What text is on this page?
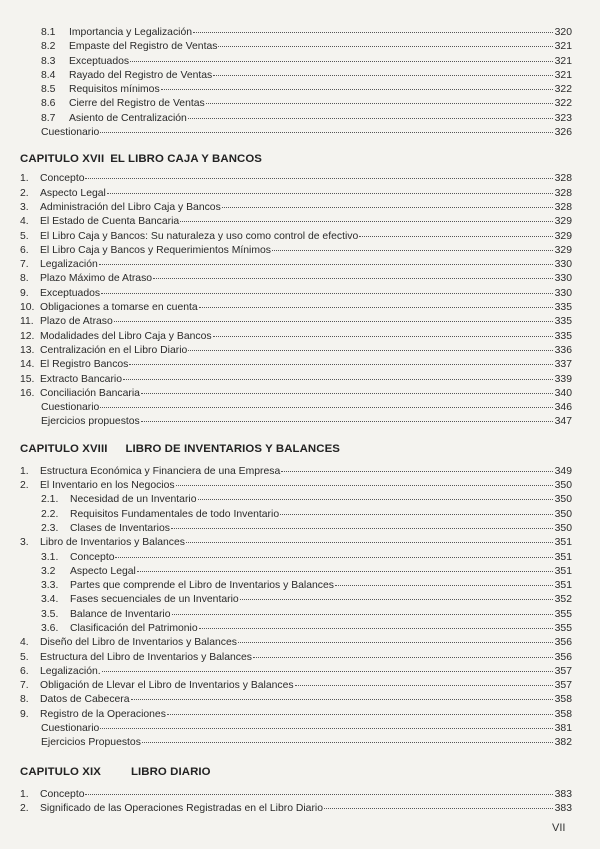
8.1	Importancia y Legalización	320
8.2	Empaste del Registro de Ventas	321
8.3	Exceptuados	321
8.4	Rayado del Registro de Ventas	321
8.5	Requisitos mínimos	322
8.6	Cierre del Registro de Ventas	322
8.7	Asiento de Centralización	323
Cuestionario	326
CAPITULO XVII EL LIBRO CAJA Y BANCOS
1.	Concepto	328
2.	Aspecto Legal	328
3.	Administración del Libro Caja y Bancos	328
4.	El Estado de Cuenta Bancaria	329
5.	El Libro Caja y Bancos: Su naturaleza y uso como control de efectivo	329
6.	El Libro Caja y Bancos y Requerimientos Mínimos	329
7.	Legalización	330
8.	Plazo Máximo de Atraso	330
9.	Exceptuados	330
10. Obligaciones a tomarse en cuenta	335
11. Plazo de Atraso	335
12. Modalidades del Libro Caja y Bancos	335
13. Centralización en el Libro Diario	336
14. El Registro Bancos	337
15. Extracto Bancario	339
16. Conciliación Bancaria	340
Cuestionario	346
Ejercicios propuestos	347
CAPITULO XVIII LIBRO DE INVENTARIOS Y BALANCES
1.	Estructura Económica y Financiera de una Empresa	349
2.	El Inventario en los Negocios	350
2.1.	Necesidad de un Inventario	350
2.2.	Requisitos Fundamentales de todo Inventario	350
2.3.	Clases de Inventarios	350
3.	Libro de Inventarios y Balances	351
3.1.	Concepto	351
3.2	Aspecto Legal	351
3.3.	Partes que comprende el Libro de Inventarios y Balances	351
3.4.	Fases secuenciales de un Inventario	352
3.5.	Balance de Inventario	355
3.6.	Clasificación del Patrimonio	355
4.	Diseño del Libro de Inventarios y Balances	356
5.	Estructura del Libro de Inventarios y Balances	356
6.	Legalización.	357
7.	Obligación de Llevar el Libro de Inventarios y Balances	357
8.	Datos de Cabecera	358
9.	Registro de la Operaciones	358
Cuestionario	381
Ejercicios Propuestos	382
CAPITULO XIX	LIBRO DIARIO
1.	Concepto	383
2.	Significado de las Operaciones Registradas en el Libro Diario	383
VII
